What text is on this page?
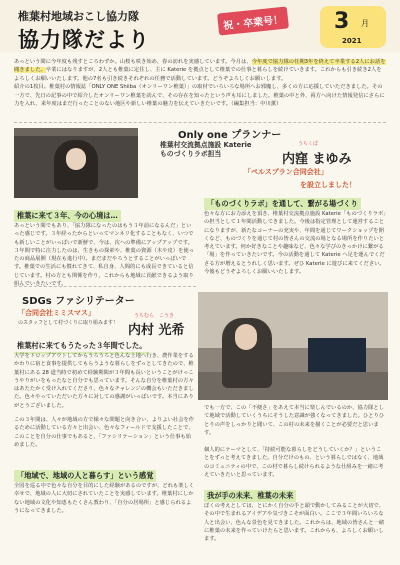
椎葉村地域おこし協力隊
協力隊だより
祝・卒業号！ 3 月
2021
あっという間に今年度も残すところわずか。山桜も咲き始め、春の訪れを実感しています。今月は、今年度で協力隊の任期3年を終えて卒業する2人にお話を聞きました。卒業にはなりますが、2人とも椎葉に定住し、主に Katerie を拠点として椎葉での仕事と暮らしを続けていきます。これからも引き続き2人をよろしくお願いいたします。他の7名も引き続きそれぞれの任務で活動しています。どうぞよろしくお願いします。
紹介の1枚目。椎葉村の情報誌「ONLY ONE Shiiba（オンリーワン椎葉）」の取材でいろいろな場所へお邪魔し、多くの方に応援していただきました。その一方で、先日の記事の中で紹介したオンリーワン椎葉を読んで、その存在を知ったという声も耳にしました。椎葉の中と外、両方へ向けた情報発信にさらに力を入れ、来年度はまだ行ったことのない地区や新しい椎葉の魅力を伝えていきたいです。（編集担当：中川薫）
Only one プランナー
椎葉村交流拠点施設 Katerie
ものづくりラボ担当
うちくぼ
内窪 まゆみ
「ペルスプラン合同会社」
を設立しました！
椎葉に来て３年、今の心境は…
あっという間でもあり、「協力隊になったのはもう３年前になるんだ」といった感じです。３年経ったからといってマンネリ化することもなく、いつでも新しいことがいっぱいで新鮮で、今は、次への準備にアップアップです。３年間で特に注力したのは、生きもの探索や、椎葉の資源（木や皮）を使ったの商品展開（現在も進行中）。まだまだやろうとすることがいっぱいです。椎葉での生活にも慣れてきて、私自身、人間的にも成長できていると信じています。村の方とも関係を作り、これからも地域に貢献できるよう取り組んでいきたいです。
「ものづくりラボ」を通して、繋がる場づくり
色々な方にお力添えを頂き、椎葉村交流拠点施設 Katerie「ものづくりラボ」の担当として１年間活動してきました。今後は指定管理として運営することになりますが、新たなコーナーの充実や、年間を通じてワークショップを開くなど、ものづくりを通じて村の皆さんの交流の場となる場所を作りたいと考えています。何か好きなことや趣味など、色々な学びのきっかけに繋がる「場」を作っていきたいです。今の活動を通して Katerie へ足を運んでくださる方が増えるとうれしく思います。ぜひ Katerie に遊びに来てください。今後もどうぞよろしくお願いいたします。
SDGs ファシリテーター
「合同会社ミミスマス」
のスタッフとして村づくりに取り組みます！
うちむら　こうき
内村 光希
椎葉村に来てもうたった３年間でした。
大学をドロップアウトしてからうろうろと色んな土地へ行き、農作業をするかわりに宿と食事を提供してもらうような暮らしをずっとしてきたので、椎葉村にある 28 道当時で初めて経験期間が３年間も長いということがけっこうやりがいをもったなと自分でも思っています。そんな自分を椎葉村の方々はあたたかく受け入れてくださり、色々なチャレンジの機会もいただきました。色々やっていただいた方々に対しての感謝がいっぱいです。本当にありがとうございました。
この３年間は、人々が地域の方で様々な問題と向き合い、よりよい社会を作るために活動している方々と出会い、色々なフィールドで支援したことで、このことを自分の仕事でもあると、「ファシリテーション」という仕事も始めました。
「地域で、地域の人と暮らす」という感覚
全国を巡る中で色々な自分を目的にした経験があるのですが、どれも楽しく幸せで、地域の人に大切にされていたことを実感しています。椎葉村にしかない地域の文化や知恵もたくさん教わり、「自分の居場所」と感じられるようになってきました。
でも一方で、この「不便さ」をあえて本当に楽しんでいるのか、協力隊として地域で活動していくうちにそうした意識が強くなってきました。ひとりひとりの声をしっかりと聞いて、この村の未来を描くことが必要だと思います。
個人的にテーマとして、「持続可能な暮らしをどうしていくか？」ということをずっと考えてきました。自分だけのもの、という暮らしではなく、地域のコミュニティの中で、この村で暮らし続けられるような仕組みを一緒に考えていきたいと思っています。
我が手の未来、椎葉の未来
ぼくの考えとしては、とにかく自分の手と頭で動かしてみることが大切で、その中で生まれるアイデアや気づきこそが面白い。ここで３年間いろいろな人と出会い、色んな景色を見てきました。これからは、地域の皆さんと一緒に椎葉の未来を作っていけたらと思います。これからも、よろしくお願いします。
